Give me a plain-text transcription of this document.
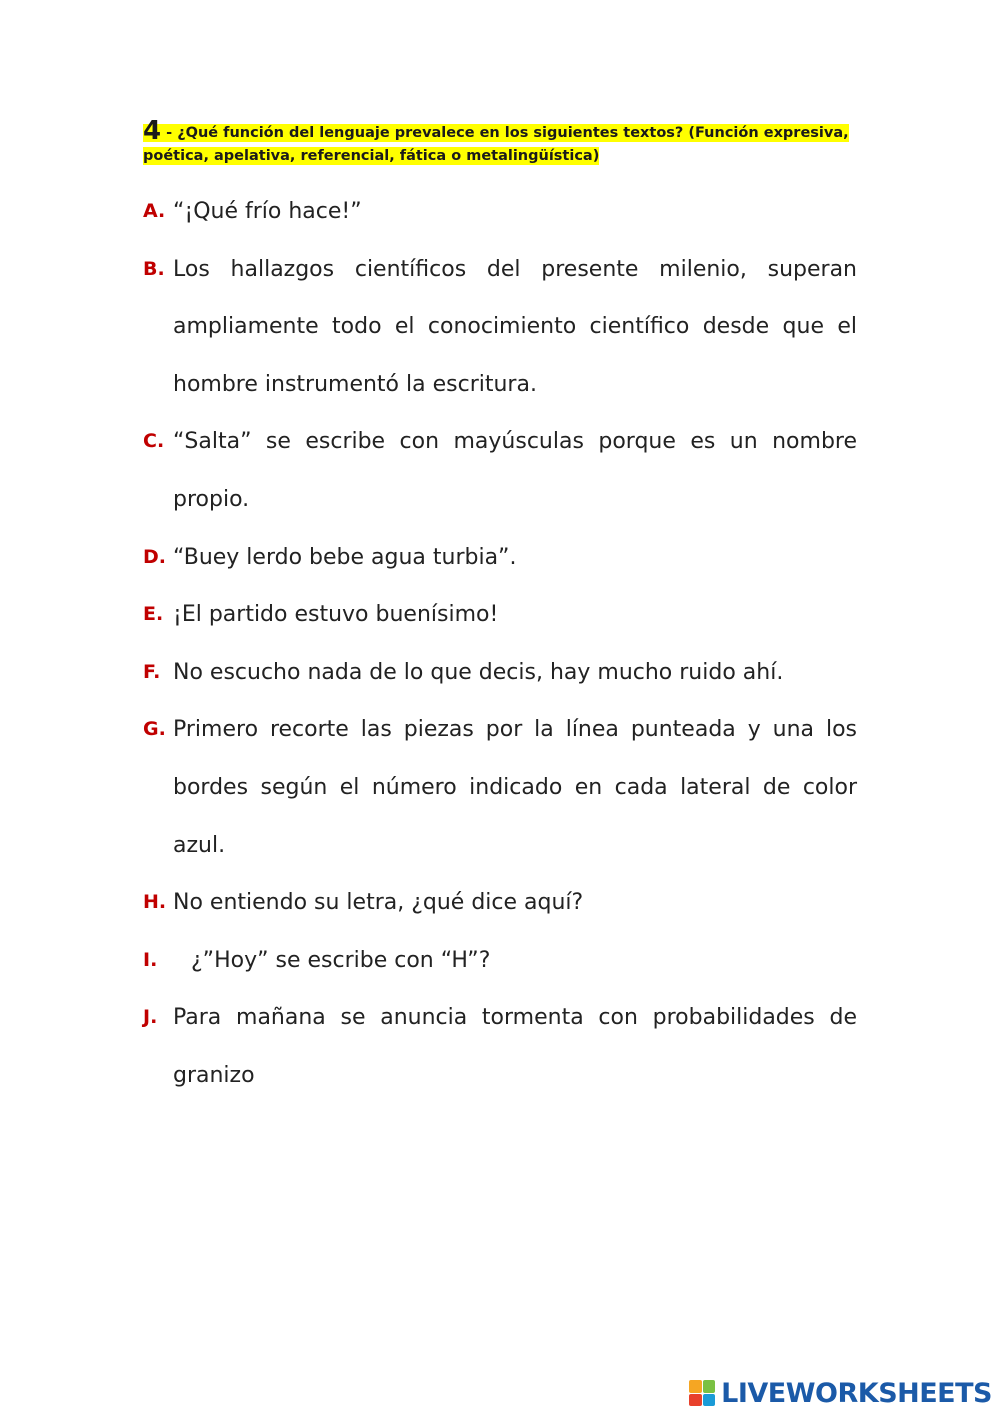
4 - ¿Qué función del lenguaje prevalece en los siguientes textos? (Función expresiva, poética, apelativa, referencial, fática o metalingüística)
A. “¡Qué frío hace!”
B. Los hallazgos científicos del presente milenio, superan ampliamente todo el conocimiento científico desde que el hombre instrumentó la escritura.
C. “Salta” se escribe con mayúsculas porque es un nombre propio.
D. “Buey lerdo bebe agua turbia”.
E. ¡El partido estuvo buenísimo!
F. No escucho nada de lo que decis, hay mucho ruido ahí.
G. Primero recorte las piezas por la línea punteada y una los bordes según el número indicado en cada lateral de color azul.
H. No entiendo su letra, ¿qué dice aquí?
I. ¿”Hoy” se escribe con “H”?
J. Para mañana se anuncia tormenta con probabilidades de granizo
LIVEWORKSHEETS
